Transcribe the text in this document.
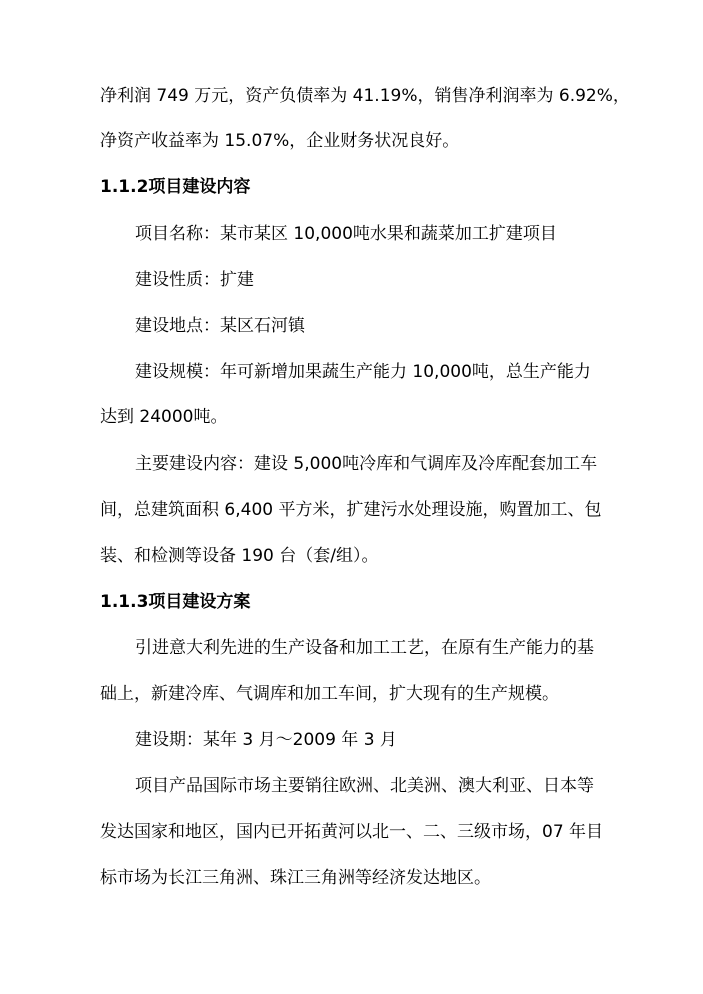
净利润 749 万元，资产负债率为 41.19%，销售净利润率为 6.92%，
净资产收益率为 15.07%，企业财务状况良好。
1.1.2项目建设内容
项目名称：某市某区 10,000吨水果和蔬菜加工扩建项目
建设性质：扩建
建设地点：某区石河镇
建设规模：年可新增加果蔬生产能力 10,000吨，总生产能力
达到 24000吨。
主要建设内容：建设 5,000吨冷库和气调库及冷库配套加工车
间，总建筑面积 6,400 平方米，扩建污水处理设施，购置加工、包
装、和检测等设备 190 台（套/组）。
1.1.3项目建设方案
引进意大利先进的生产设备和加工工艺，在原有生产能力的基
础上，新建冷库、气调库和加工车间，扩大现有的生产规模。
建设期：某年 3 月～2009 年 3 月
项目产品国际市场主要销往欧洲、北美洲、澳大利亚、日本等
发达国家和地区，国内已开拓黄河以北一、二、三级市场，07 年目
标市场为长江三角洲、珠江三角洲等经济发达地区。
